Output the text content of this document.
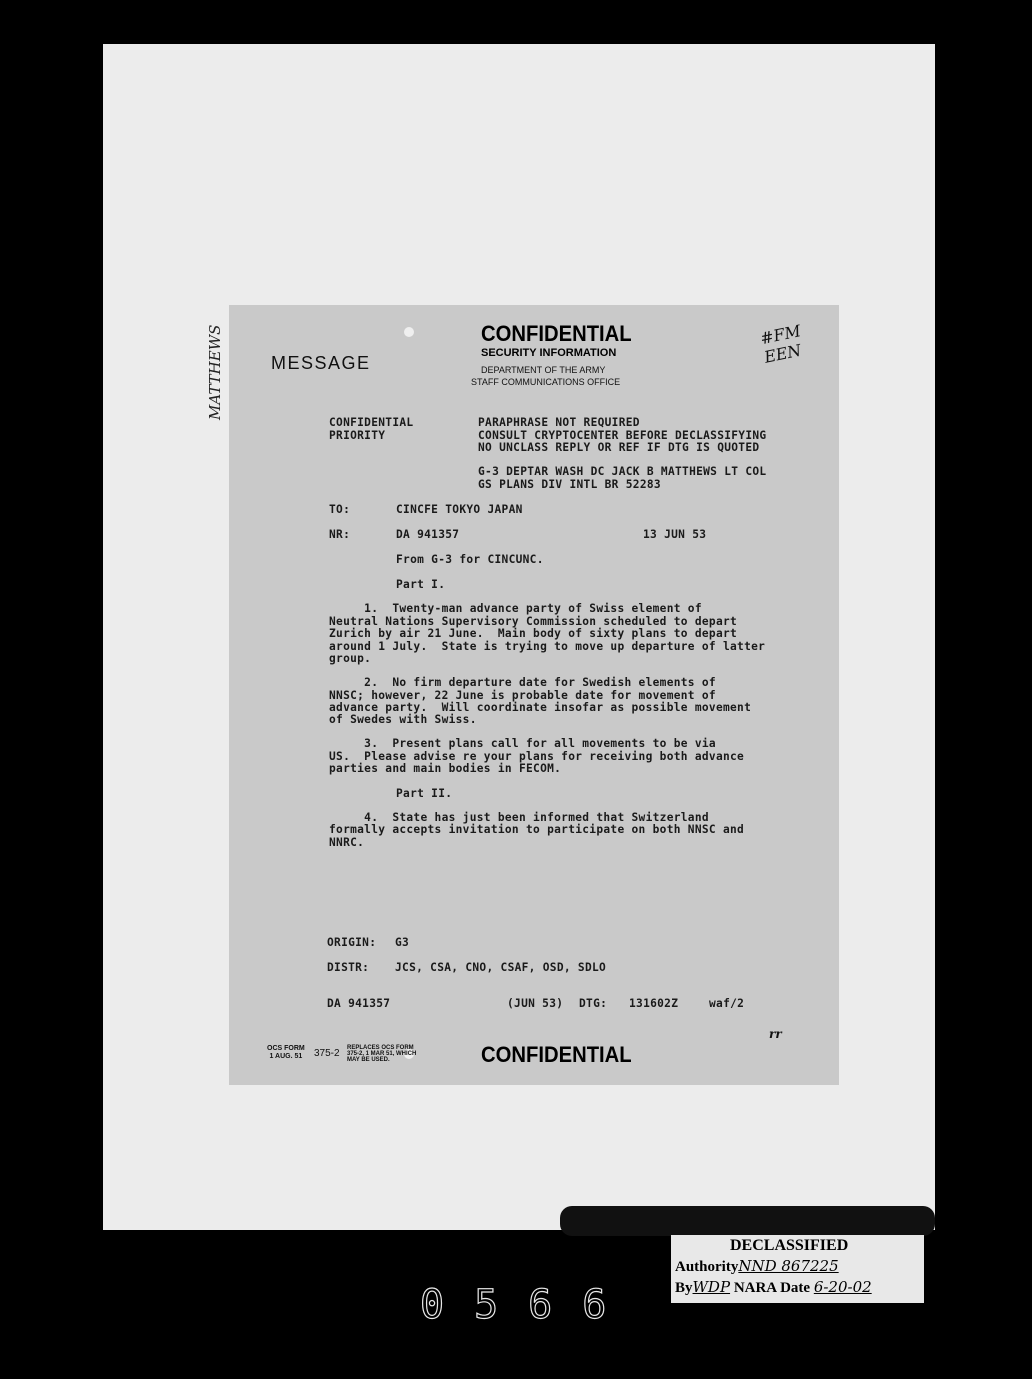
MESSAGE
CONFIDENTIAL
SECURITY INFORMATION
DEPARTMENT OF THE ARMY
STAFF COMMUNICATIONS OFFICE
#FM
EEN
CONFIDENTIAL
PRIORITY
PARAPHRASE NOT REQUIRED
CONSULT CRYPTOCENTER BEFORE DECLASSIFYING
NO UNCLASS REPLY OR REF IF DTG IS QUOTED
G-3 DEPTAR WASH DC JACK B MATTHEWS LT COL
GS PLANS DIV INTL BR 52283
TO:	CINCFE TOKYO JAPAN
NR:	DA 941357	13 JUN 53
From G-3 for CINCUNC.
Part I.
1.  Twenty-man advance party of Swiss element of
Neutral Nations Supervisory Commission scheduled to depart
Zurich by air 21 June.  Main body of sixty plans to depart
around 1 July.  State is trying to move up departure of latter
group.
2.  No firm departure date for Swedish elements of
NNSC; however, 22 June is probable date for movement of
advance party.  Will coordinate insofar as possible movement
of Swedes with Swiss.
3.  Present plans call for all movements to be via
US.  Please advise re your plans for receiving both advance
parties and main bodies in FECOM.
Part II.
4.  State has just been informed that Switzerland
formally accepts invitation to participate on both NNSC and
NNRC.
ORIGIN: G3
DISTR: JCS, CSA, CNO, CSAF, OSD, SDLO
DA 941357	(JUN 53) DTG: 131602Z	waf/2
rr
OCS FORM
1 AUG. 51 375-2 REPLACES OCS FORM
375-2, 1 MAR 51, WHICH
MAY BE USED.	CONFIDENTIAL
MATTHEWS
DECLASSIFIED
AuthorityNND 867225
ByWDP NARA Date 6-20-02
0566
